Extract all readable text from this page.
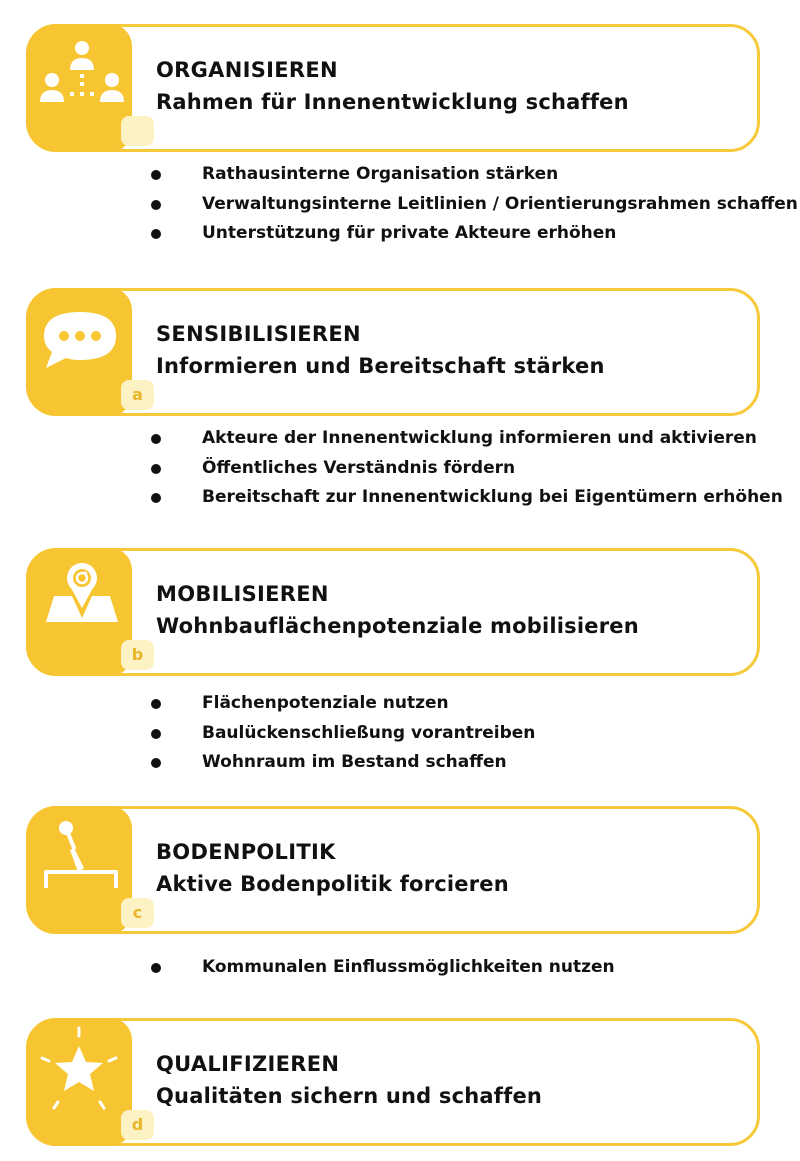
ORGANISIEREN
Rahmen für Innenentwicklung schaffen
Rathausinterne Organisation stärken
Verwaltungsinterne Leitlinien / Orientierungsrahmen schaffen
Unterstützung für private Akteure erhöhen
a
SENSIBILISIEREN
Informieren und Bereitschaft stärken
Akteure der Innenentwicklung informieren und aktivieren
Öffentliches Verständnis fördern
Bereitschaft zur Innenentwicklung bei Eigentümern erhöhen
b
MOBILISIEREN
Wohnbauflächenpotenziale mobilisieren
Flächenpotenziale nutzen
Baulückenschließung vorantreiben
Wohnraum im Bestand schaffen
c
BODENPOLITIK
Aktive Bodenpolitik forcieren
Kommunalen Einflussmöglichkeiten nutzen
d
QUALIFIZIEREN
Qualitäten sichern und schaffen
